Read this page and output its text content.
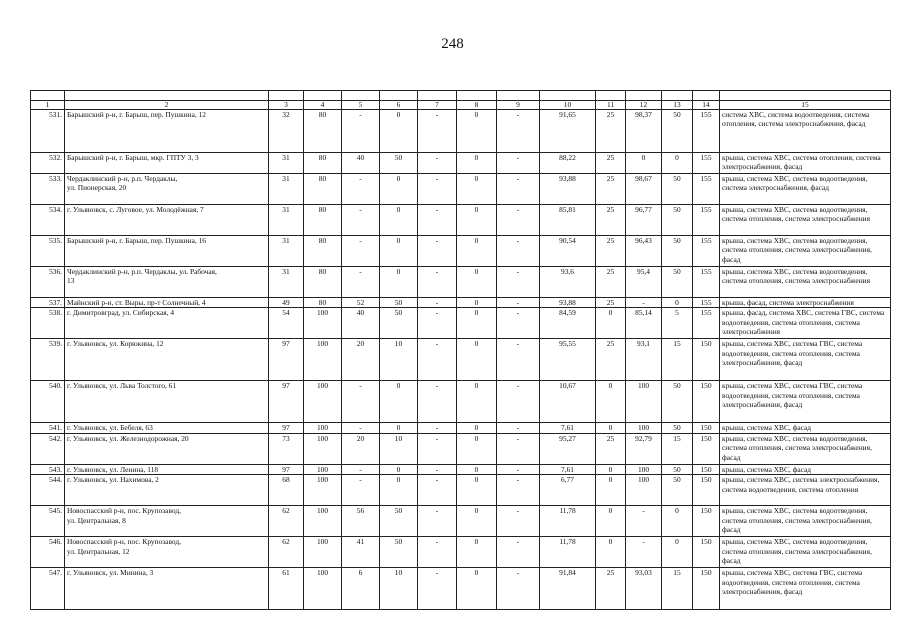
248

1	2	3	4	5	6	7	8	9	10	11	12	13	14	15
531.	Барышский р-н, г. Барыш, пер. Пушкина, 12	32	80	-	0	-	0	-	91,65	25	98,37	50	155	система ХВС, система водоотведения, система отопления, система электроснабжения, фасад
532.	Барышский р-н, г. Барыш, мкр. ГПТУ 3, 3	31	80	40	50	-	0	-	88,22	25	0	0	155	крыша, система ХВС, система отопления, система электроснабжения, фасад
533.	Чердаклинский р-н, р.п. Чердаклы,
ул. Пионерская, 20	31	80	-	0	-	0	-	93,88	25	98,67	50	155	крыша, система ХВС, система водоотведения, система электроснабжения, фасад
534.	г. Ульяновск, с. Луговое, ул. Молодёжная, 7	31	80	-	0	-	0	-	85,81	25	96,77	50	155	крыша, система ХВС, система водоотведения, система отопления, система электроснабжения
535.	Барышский р-н, г. Барыш, пер. Пушкина, 16	31	80	-	0	-	0	-	90,54	25	96,43	50	155	крыша, система ХВС, система водоотведения, система отопления, система электроснабжения, фасад
536.	Чердаклинский р-н, р.п. Чердаклы, ул. Рабочая,
13	31	80	-	0	-	0	-	93,6	25	95,4	50	155	крыша, система ХВС, система водоотведения, система отопления, система электроснабжения
537.	Майнский р-н, ст. Выры, пр-т Солнечный, 4	49	80	52	50	-	0	-	93,88	25	-	0	155	крыша, фасад, система электроснабжения
538.	г. Димитровград, ул. Сибирская, 4	54	100	40	50	-	0	-	84,59	0	85,14	5	155	крыша, фасад, система ХВС, система ГВС, система водоотведения, система отопления, система электроснабжения
539.	г. Ульяновск, ул. Корюкина, 12	97	100	20	10	-	0	-	95,55	25	93,1	15	150	крыша, система ХВС, система ГВС, система водоотведения, система отопления, система электроснабжения, фасад
540.	г. Ульяновск, ул. Льва Толстого, 61	97	100	-	0	-	0	-	10,67	0	100	50	150	крыша, система ХВС, система ГВС, система водоотведения, система отопления, система электроснабжения, фасад
541.	г. Ульяновск, ул. Бебеля, 63	97	100	-	0	-	0	-	7,61	0	100	50	150	крыша, система ХВС, фасад
542.	г. Ульяновск, ул. Железнодорожная, 20	73	100	20	10	-	0	-	95,27	25	92,79	15	150	крыша, система ХВС, система водоотведения, система отопления, система электроснабжения, фасад
543.	г. Ульяновск, ул. Ленина, 118	97	100	-	0	-	0	-	7,61	0	100	50	150	крыша, система ХВС, фасад
544.	г. Ульяновск, ул. Нахимова, 2	68	100	-	0	-	0	-	6,77	0	100	50	150	крыша, система ХВС, система электроснабжения, система водоотведения, система отопления
545.	Новоспасский р-н, пос. Крупозавод,
ул. Центральная, 8	62	100	56	50	-	0	-	11,78	0	-	0	150	крыша, система ХВС, система водоотведения, система отопления, система электроснабжения, фасад
546.	Новоспасский р-н, пос. Крупозавод,
ул. Центральная, 12	62	100	41	50	-	0	-	11,78	0	-	0	150	крыша, система ХВС, система водоотведения, система отопления, система электроснабжения, фасад
547.	г. Ульяновск, ул. Минина, 3	61	100	6	10	-	0	-	91,84	25	93,03	15	150	крыша, система ХВС, система ГВС, система водоотведения, система отопления, система электроснабжения, фасад
